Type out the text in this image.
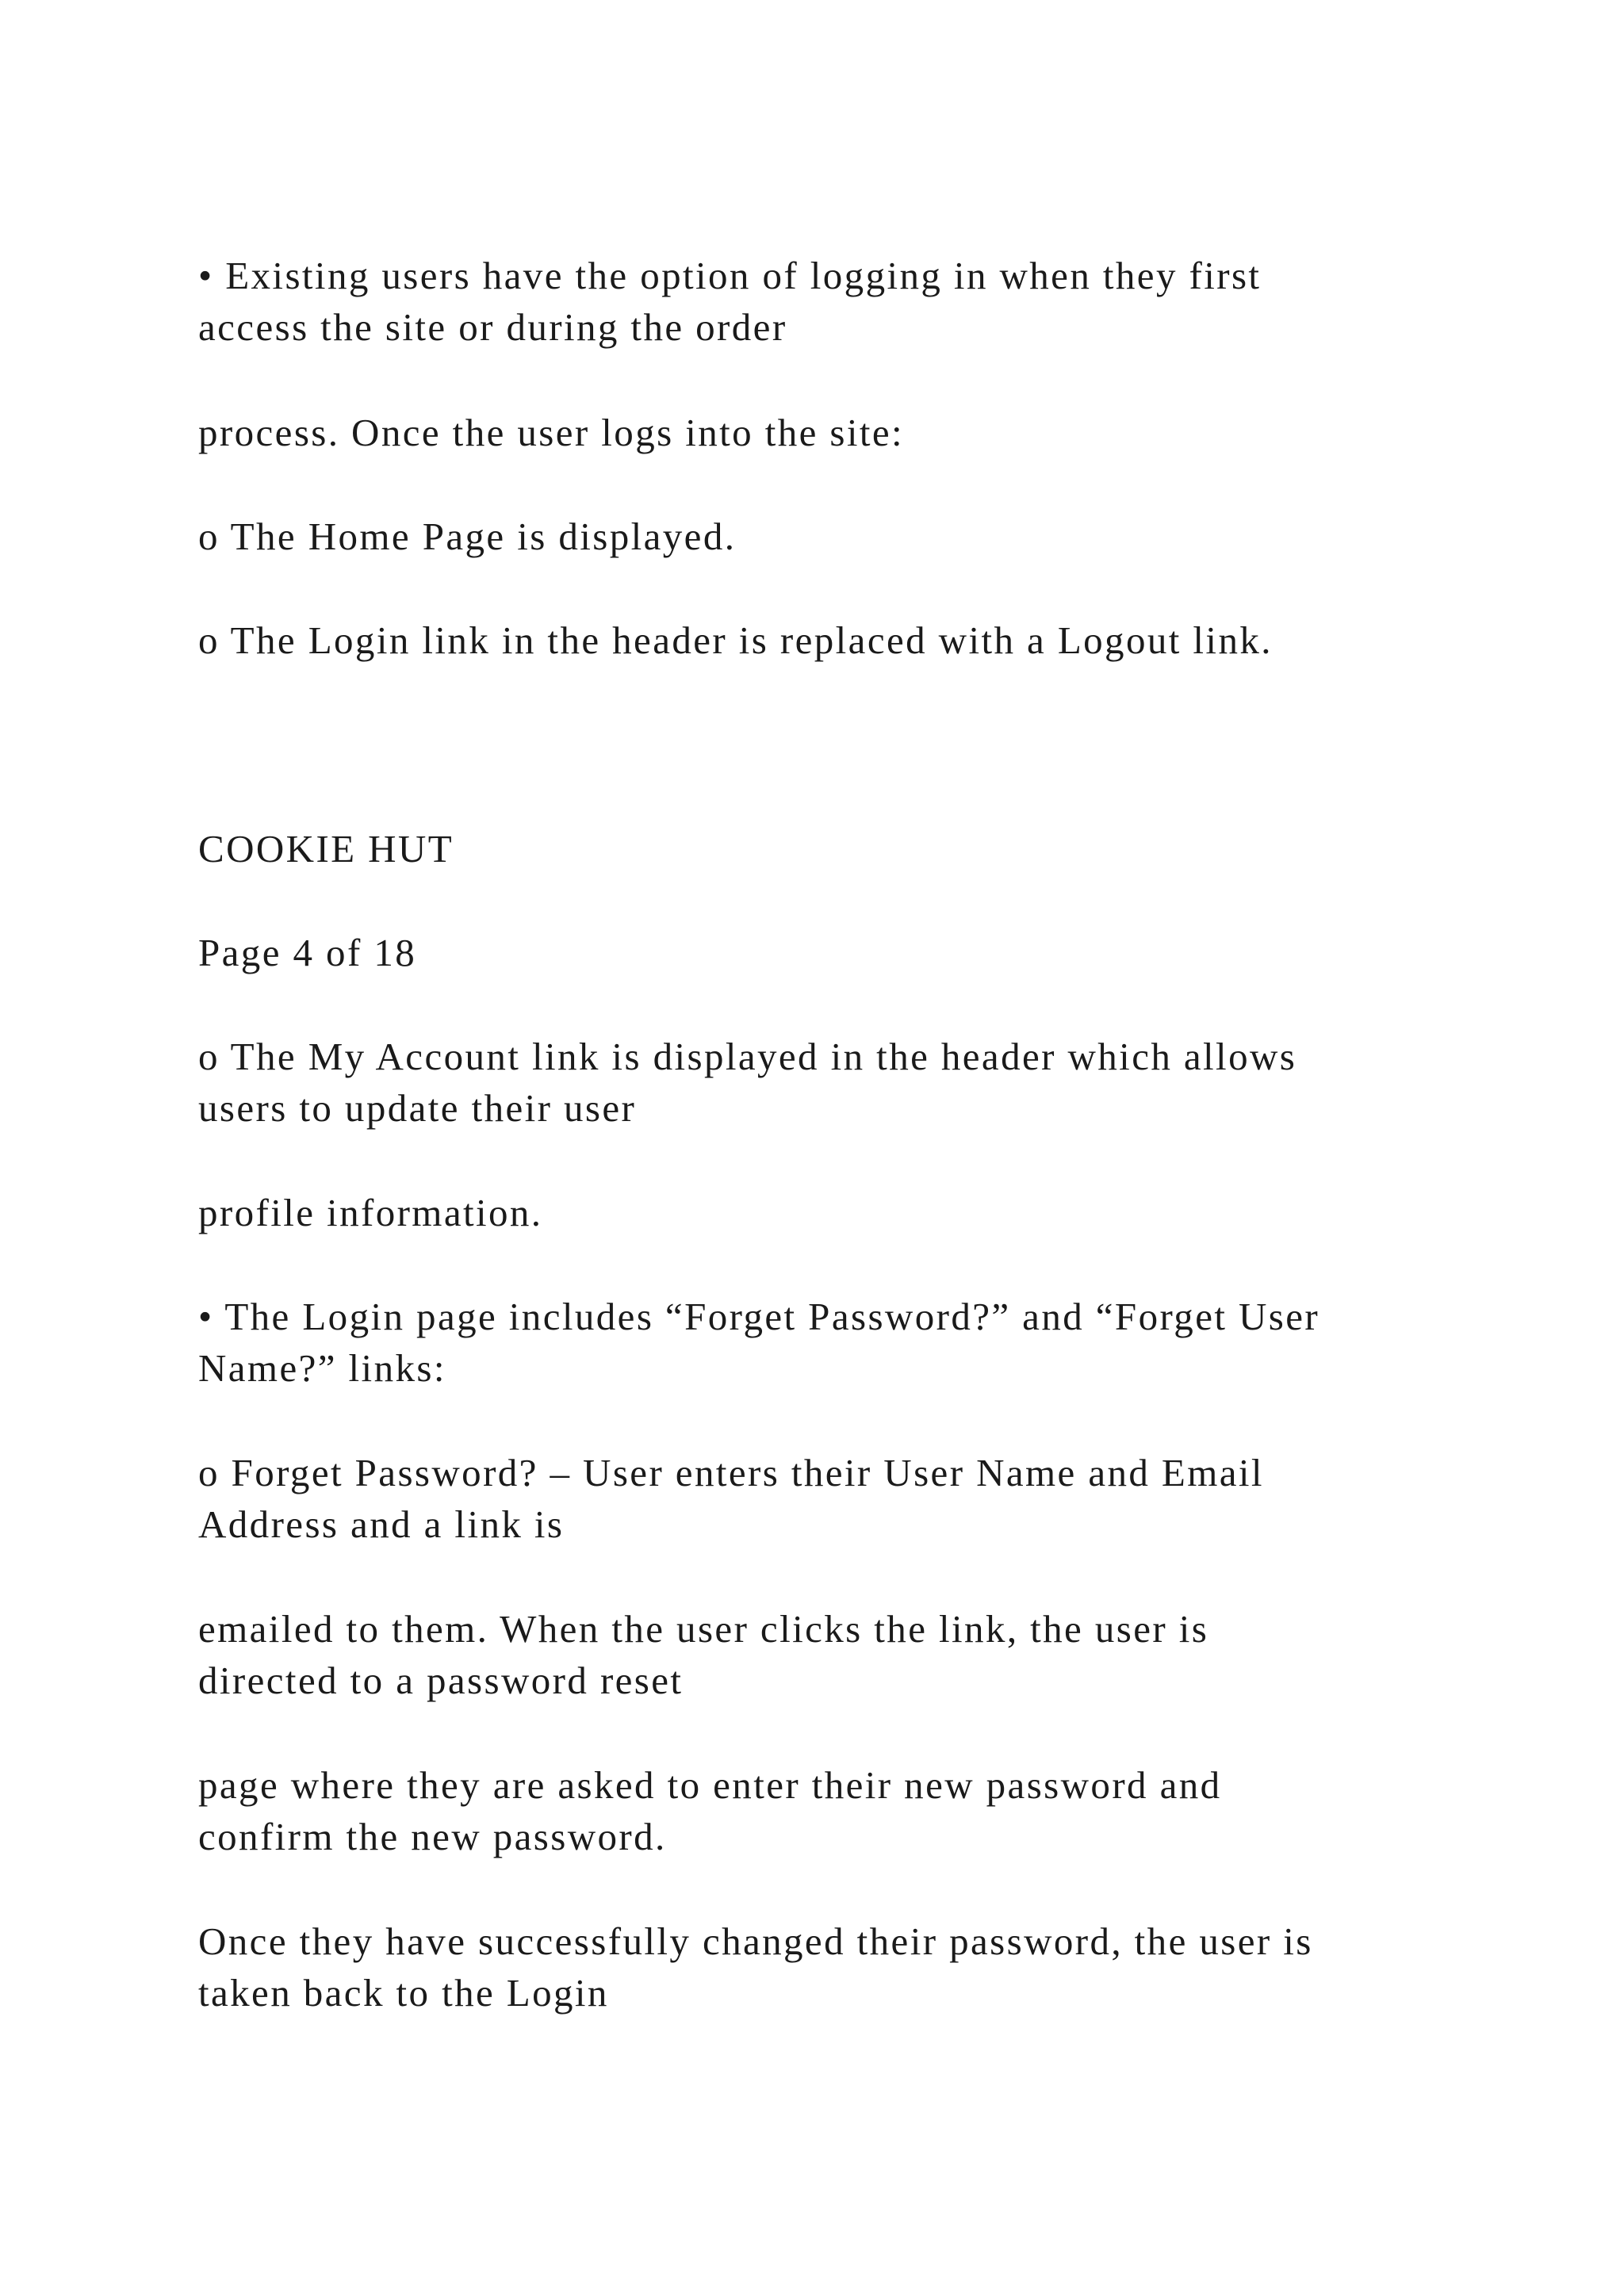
• Existing users have the option of logging in when they first
access the site or during the order

process. Once the user logs into the site:

o The Home Page is displayed.

o The Login link in the header is replaced with a Logout link.

COOKIE HUT

Page 4 of 18

o The My Account link is displayed in the header which allows
users to update their user

profile information.

• The Login page includes “Forget Password?” and “Forget User
Name?” links:

o Forget Password? – User enters their User Name and Email
Address and a link is

emailed to them. When the user clicks the link, the user is
directed to a password reset

page where they are asked to enter their new password and
confirm the new password.

Once they have successfully changed their password, the user is
taken back to the Login
